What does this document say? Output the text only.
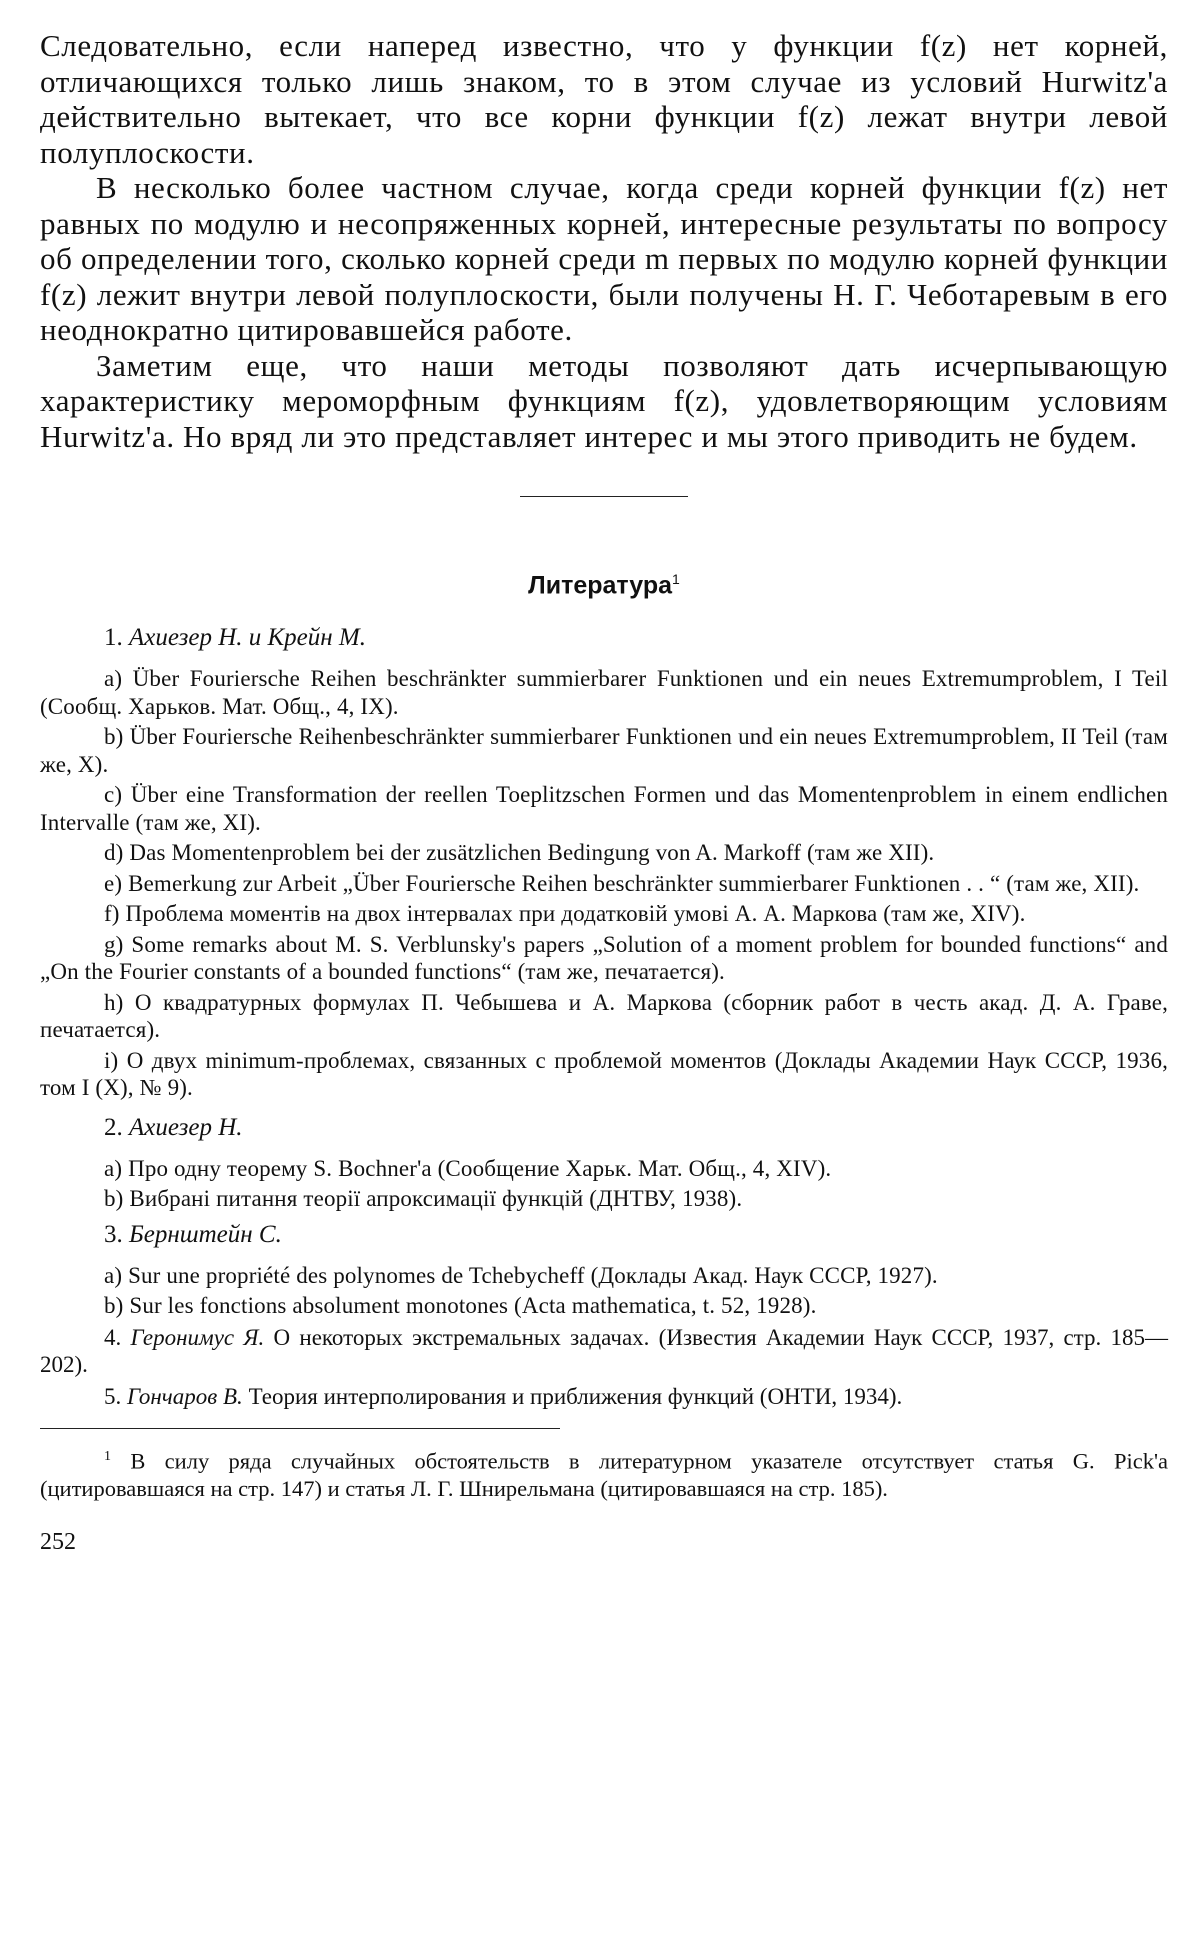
Следовательно, если наперед известно, что у функции f(z) нет корней, отличающихся только лишь знаком, то в этом случае из условий Hurwitz'a действительно вытекает, что все корни функции f(z) лежат внутри левой полуплоскости.

В несколько более частном случае, когда среди корней функции f(z) нет равных по модулю и несопряженных корней, интересные результаты по вопросу об определении того, сколько корней среди m первых по модулю корней функции f(z) лежит внутри левой полуплоскости, были получены Н. Г. Чеботаревым в его неоднократно цитировавшейся работе.

Заметим еще, что наши методы позволяют дать исчерпывающую характеристику мероморфным функциям f(z), удовлетворяющим условиям Hurwitz'a. Но вряд ли это представляет интерес и мы этого приводить не будем.

Литература$^1$
1. Ахиезер Н. и Крейн М.

a) Über Fouriersche Reihen beschränkter summierbarer Funktionen und ein neues Extremumproblem, I Teil (Сообщ. Харьков. Мат. Общ., 4, IX).

b) Über Fouriersche Reihenbeschränkter summierbarer Funktionen und ein neues Extremumproblem, II Teil (там же, X).

c) Über eine Transformation der reellen Toeplitzschen Formen und das Momentenproblem in einem endlichen Intervalle (там же, XI).

d) Das Momentenproblem bei der zusätzlichen Bedingung von A. Markoff (там же XII).

e) Bemerkung zur Arbeit „Über Fouriersche Reihen beschränkter summierbarer Funktionen . . “ (там же, XII).

f) Проблема моментів на двох інтервалах при додатковій умові А. А. Маркова (там же, XIV).

g) Some remarks about M. S. Verblunsky's papers „Solution of a moment problem for bounded functions“ and „On the Fourier constants of a bounded functions“ (там же, печатается).

h) О квадратурных формулах П. Чебышева и А. Маркова (сборник работ в честь акад. Д. А. Граве, печатается).

i) О двух minimum-проблемах, связанных с проблемой моментов (Доклады Академии Наук СССР, 1936, том I (X), № 9).

2. Ахиезер Н.

a) Про одну теорему S. Bochner'a (Сообщение Харьк. Мат. Общ., 4, XIV).

b) Вибрані питання теорії апроксимації функцій (ДНТВУ, 1938).

3. Бернштейн С.

a) Sur une propriété des polynomes de Tchebycheff (Доклады Акад. Наук СССР, 1927).

b) Sur les fonctions absolument monotones (Acta mathematica, t. 52, 1928).

4. Геронимус Я. О некоторых экстремальных задачах. (Известия Академии Наук СССР, 1937, стр. 185—202).

5. Гончаров В. Теория интерполирования и приближения функций (ОНТИ, 1934).

$^1$ В силу ряда случайных обстоятельств в литературном указателе отсутствует статья G. Pick'a (цитировавшаяся на стр. 147) и статья Л. Г. Шнирельмана (цитировавшаяся на стр. 185).

252
